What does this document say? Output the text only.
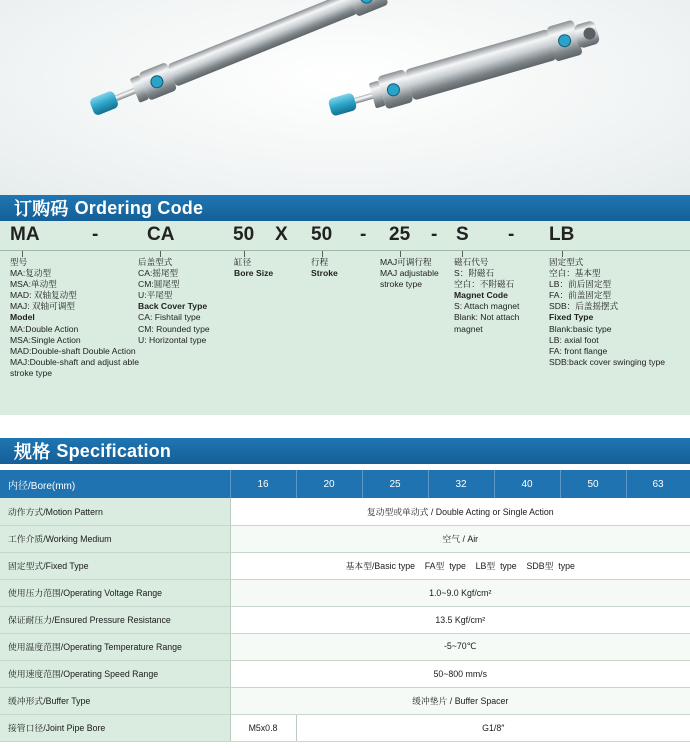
订购码 Ordering Code
MA	-	CA	50 X 50 - 25 - S - LB
型号
MA:复动型
MSA:单动型
MAD: 双轴复动型
MAJ: 双轴可调型
Model
MA:Double Action
MSA:Single Action
MAD:Double-shaft Double Action
MAJ:Double-shaft and adjust able
stroke type
后盖型式
CA:摇尾型
CM:圆尾型
U:平尾型
Back Cover Type
CA: Fishtail type
CM: Rounded type
U: Horizontal type
缸径
Bore Size
行程
Stroke
MAJ可调行程
MAJ adjustable
stroke type
磁石代号
S：附磁石
空白：不附磁石
Magnet Code
S: Attach magnet
Blank: Not attach
magnet
固定型式
空白：基本型
LB：前后固定型
FA：前盖固定型
SDB：后盖摇摆式
Fixed Type
Blank:basic type
LB: axial foot
FA: front flange
SDB:back cover swinging type
规格 Specification
内径/Bore(mm)	16	20	25	32	40	50	63
动作方式/Motion Pattern	复动型或单动式 / Double Acting or Single Action						
工作介质/Working Medium	空气 / Air						
固定型式/Fixed Type	基本型/Basic type    FA型  type    LB型  type    SDB型  type						
使用压力范围/Operating Voltage Range	1.0~9.0 Kgf/cm²						
保证耐压力/Ensured Pressure Resistance	13.5 Kgf/cm²						
使用温度范围/Operating Temperature Range	-5~70℃						
使用速度范围/Operating Speed Range	50~800 mm/s						
缓冲形式/Buffer Type	缓冲垫片 / Buffer Spacer						
接管口径/Joint Pipe Bore	M5x0.8	G1/8″					
